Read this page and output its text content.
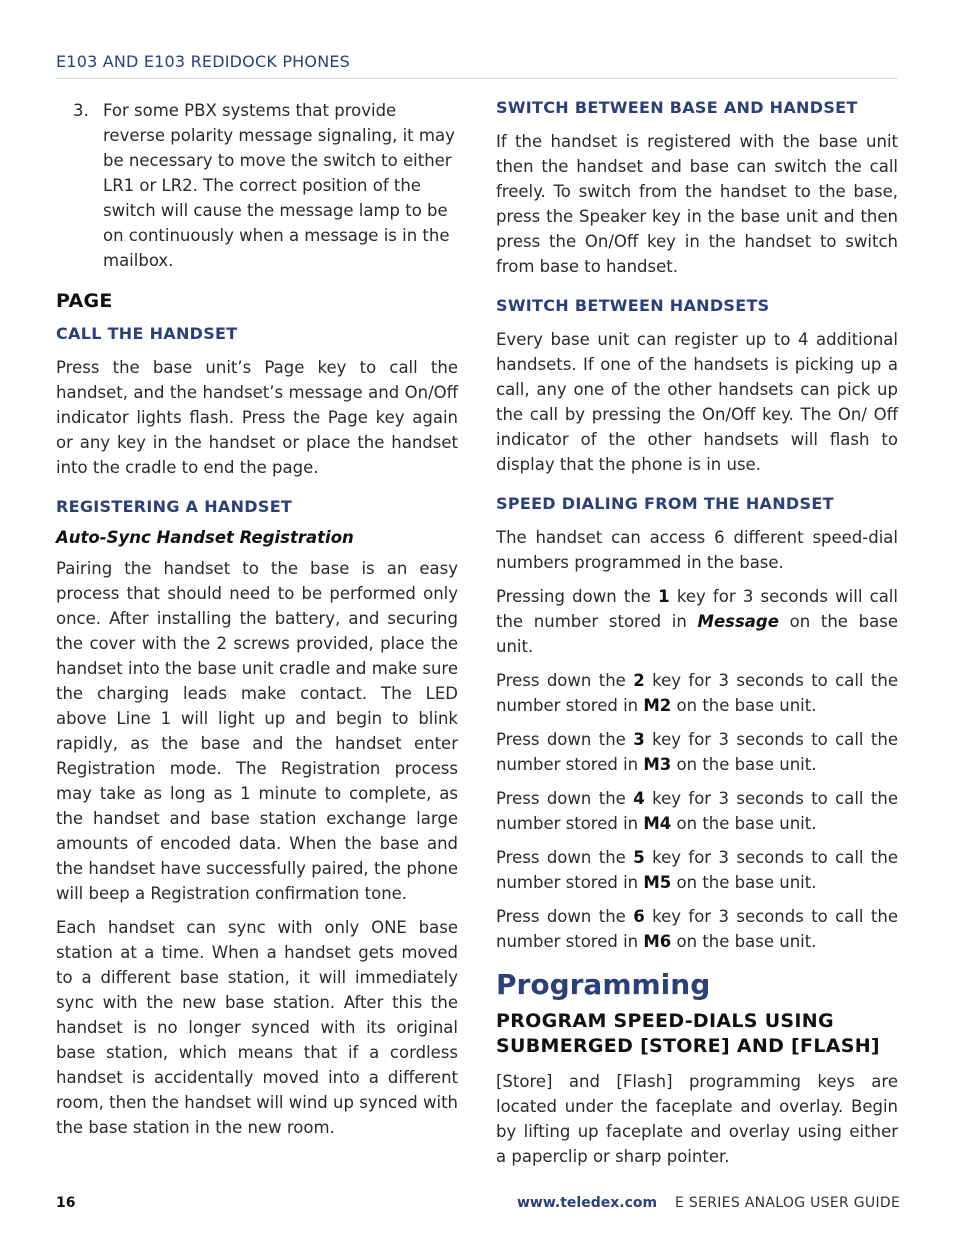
E103 AND E103 REDIDOCK PHONES
3. For some PBX systems that provide reverse polarity message signaling, it may be necessary to move the switch to either LR1 or LR2. The correct position of the switch will cause the message lamp to be on continuously when a message is in the mailbox.
PAGE
CALL THE HANDSET

Press the base unit’s Page key to call the handset, and the handset’s message and On/Off indicator lights flash. Press the Page key again or any key in the handset or place the handset into the cradle to end the page.

REGISTERING A HANDSET
Auto-Sync Handset Registration

Pairing the handset to the base is an easy process that should need to be performed only once. After installing the battery, and securing the cover with the 2 screws provided, place the handset into the base unit cradle and make sure the charging leads make contact. The LED above Line 1 will light up and begin to blink rapidly, as the base and the handset enter Registration mode. The Registration process may take as long as 1 minute to complete, as the handset and base station exchange large amounts of encoded data. When the base and the handset have successfully paired, the phone will beep a Registration confirmation tone.

Each handset can sync with only ONE base station at a time. When a handset gets moved to a different base station, it will immediately sync with the new base station. After this the handset is no longer synced with its original base station, which means that if a cordless handset is accidentally moved into a different room, then the handset will wind up synced with the base station in the new room.

SWITCH BETWEEN BASE AND HANDSET

If the handset is registered with the base unit then the handset and base can switch the call freely. To switch from the handset to the base, press the Speaker key in the base unit and then press the On/Off key in the handset to switch from base to handset.

SWITCH BETWEEN HANDSETS

Every base unit can register up to 4 additional handsets. If one of the handsets is picking up a call, any one of the other handsets can pick up the call by pressing the On/Off key. The On/ Off indicator of the other handsets will flash to display that the phone is in use.

SPEED DIALING FROM THE HANDSET

The handset can access 6 different speed-dial numbers programmed in the base.

Pressing down the 1 key for 3 seconds will call the number stored in Message on the base unit.

Press down the 2 key for 3 seconds to call the number stored in M2 on the base unit.

Press down the 3 key for 3 seconds to call the number stored in M3 on the base unit.

Press down the 4 key for 3 seconds to call the number stored in M4 on the base unit.

Press down the 5 key for 3 seconds to call the number stored in M5 on the base unit.

Press down the 6 key for 3 seconds to call the number stored in M6 on the base unit.

Programming
PROGRAM SPEED-DIALS USING SUBMERGED [STORE] AND [FLASH]

[Store] and [Flash] programming keys are located under the faceplate and overlay. Begin by lifting up faceplate and overlay using either a paperclip or sharp pointer.

16	www.teledex.com E SERIES ANALOG USER GUIDE
